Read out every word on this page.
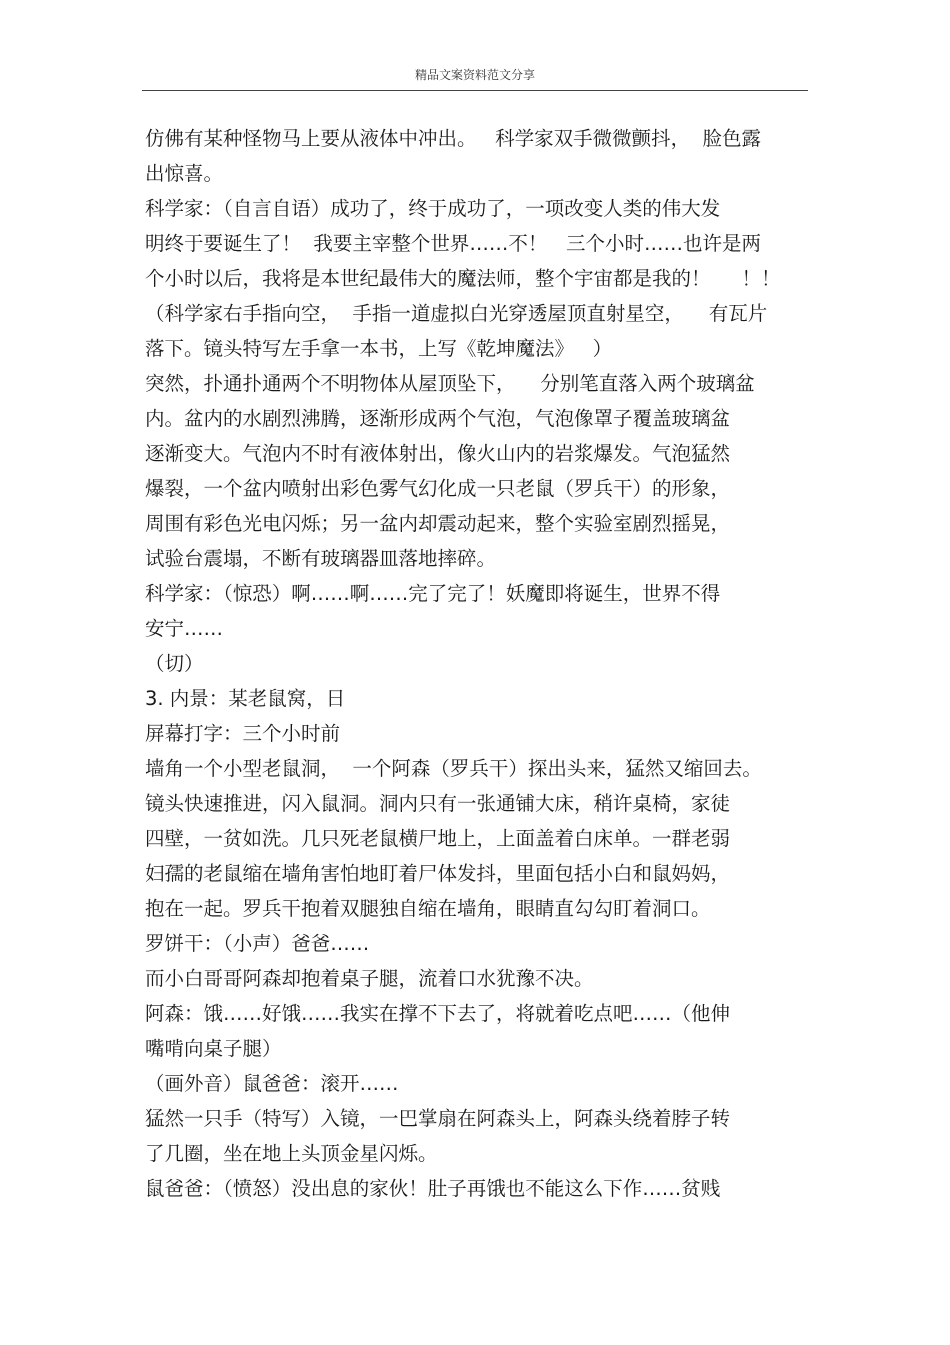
精品文案资料范文分享
仿佛有某种怪物马上要从液体中冲出。   科学家双手微微颤抖，  脸色露
出惊喜。
科学家：（自言自语）成功了，终于成功了，一项改变人类的伟大发
明终于要诞生了！  我要主宰整个世界……不！   三个小时……也许是两
个小时以后，我将是本世纪最伟大的魔法师，整个宇宙都是我的！     ！！
（科学家右手指向空，  手指一道虚拟白光穿透屋顶直射星空，    有瓦片
落下。镜头特写左手拿一本书，上写《乾坤魔法》   ）
突然，扑通扑通两个不明物体从屋顶坠下，    分别笔直落入两个玻璃盆
内。盆内的水剧烈沸腾，逐渐形成两个气泡，气泡像罩子覆盖玻璃盆
逐渐变大。气泡内不时有液体射出，像火山内的岩浆爆发。气泡猛然
爆裂，一个盆内喷射出彩色雾气幻化成一只老鼠（罗兵干）的形象，
周围有彩色光电闪烁；另一盆内却震动起来，整个实验室剧烈摇晃，
试验台震塌，不断有玻璃器皿落地摔碎。
科学家：（惊恐）啊……啊……完了完了！妖魔即将诞生，世界不得
安宁……
（切）
3. 内景：某老鼠窝，日
屏幕打字：三个小时前
墙角一个小型老鼠洞，  一个阿森（罗兵干）探出头来，猛然又缩回去。
镜头快速推进，闪入鼠洞。洞内只有一张通铺大床，稍许桌椅，家徒
四壁，一贫如洗。几只死老鼠横尸地上，上面盖着白床单。一群老弱
妇孺的老鼠缩在墙角害怕地盯着尸体发抖，里面包括小白和鼠妈妈，
抱在一起。罗兵干抱着双腿独自缩在墙角，眼睛直勾勾盯着洞口。
罗饼干：（小声）爸爸……
而小白哥哥阿森却抱着桌子腿，流着口水犹豫不决。
阿森：饿……好饿……我实在撑不下去了，将就着吃点吧……（他伸
嘴啃向桌子腿）
（画外音）鼠爸爸：滚开……
猛然一只手（特写）入镜，一巴掌扇在阿森头上，阿森头绕着脖子转
了几圈，坐在地上头顶金星闪烁。
鼠爸爸：（愤怒）没出息的家伙！肚子再饿也不能这么下作……贫贱
